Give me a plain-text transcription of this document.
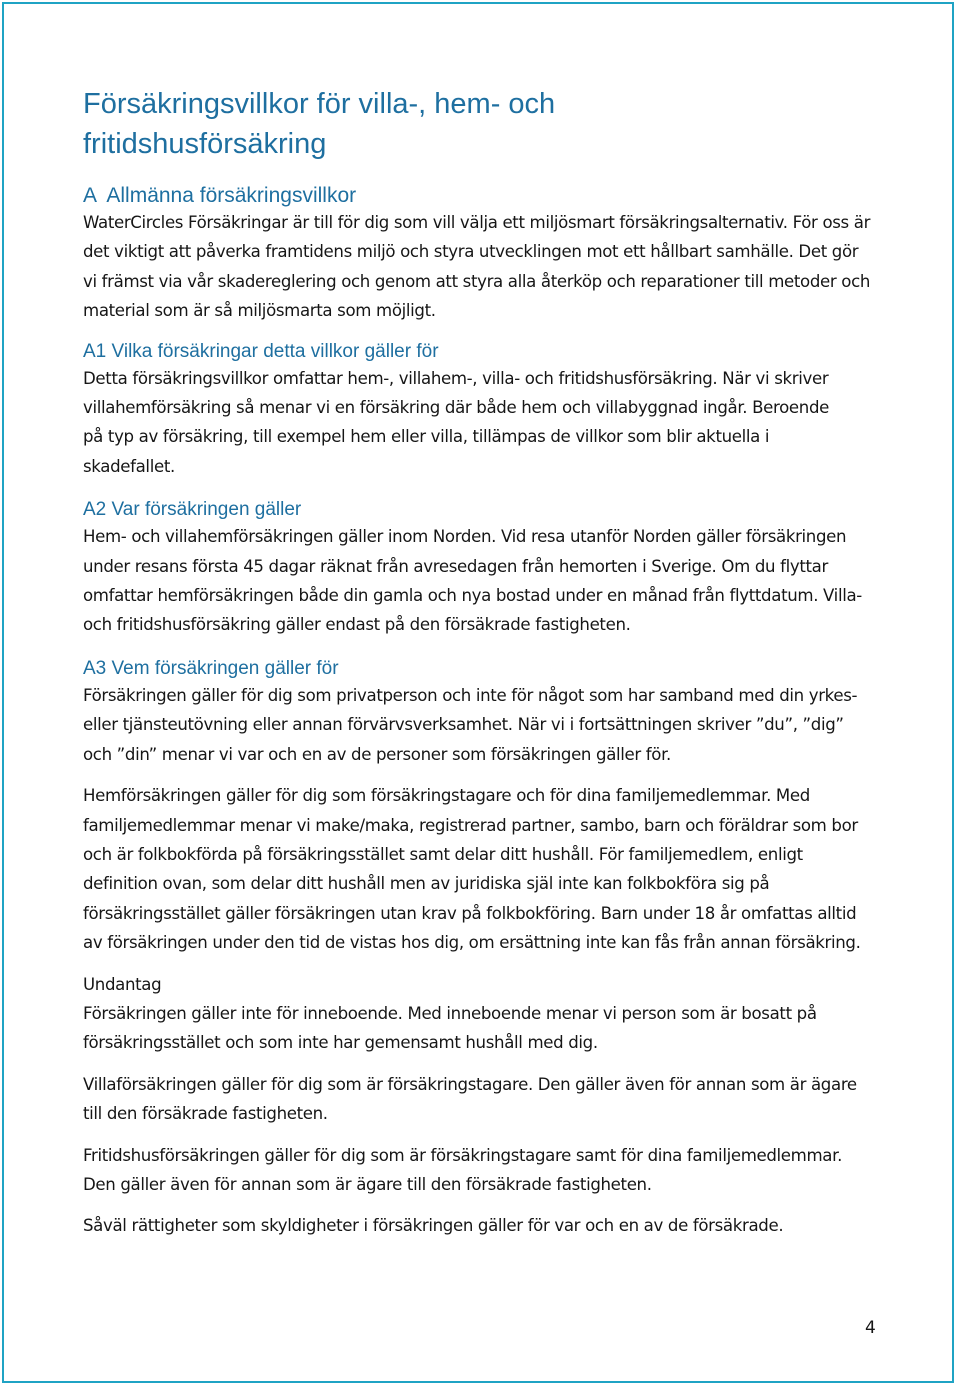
Försäkringsvillkor för villa-, hem- och
fritidshusförsäkring
A  Allmänna försäkringsvillkor

WaterCircles Försäkringar är till för dig som vill välja ett miljösmart försäkringsalternativ. För oss är det viktigt att påverka framtidens miljö och styra utvecklingen mot ett hållbart samhälle. Det gör vi främst via vår skadereglering och genom att styra alla återköp och reparationer till metoder och material som är så miljösmarta som möjligt.

A1 Vilka försäkringar detta villkor gäller för

Detta försäkringsvillkor omfattar hem-, villahem-, villa- och fritidshusförsäkring. När vi skriver villahemförsäkring så menar vi en försäkring där både hem och villabyggnad ingår. Beroende på typ av försäkring, till exempel hem eller villa, tillämpas de villkor som blir aktuella i skadefallet.

A2 Var försäkringen gäller

Hem- och villahemförsäkringen gäller inom Norden. Vid resa utanför Norden gäller försäkringen under resans första 45 dagar räknat från avresedagen från hemorten i Sverige. Om du flyttar omfattar hemförsäkringen både din gamla och nya bostad under en månad från flyttdatum. Villa- och fritidshusförsäkring gäller endast på den försäkrade fastigheten.

A3 Vem försäkringen gäller för

Försäkringen gäller för dig som privatperson och inte för något som har samband med din yrkes- eller tjänsteutövning eller annan förvärvsverksamhet. När vi i fortsättningen skriver ”du”, ”dig” och ”din” menar vi var och en av de personer som försäkringen gäller för.

Hemförsäkringen gäller för dig som försäkringstagare och för dina familjemedlemmar. Med familjemedlemmar menar vi make/maka, registrerad partner, sambo, barn och föräldrar som bor och är folkbokförda på försäkringsstället samt delar ditt hushåll. För familjemedlem, enligt definition ovan, som delar ditt hushåll men av juridiska själ inte kan folkbokföra sig på försäkringsstället gäller försäkringen utan krav på folkbokföring. Barn under 18 år omfattas alltid av försäkringen under den tid de vistas hos dig, om ersättning inte kan fås från annan försäkring.

Undantag

Försäkringen gäller inte för inneboende. Med inneboende menar vi person som är bosatt på försäkringsstället och som inte har gemensamt hushåll med dig.

Villaförsäkringen gäller för dig som är försäkringstagare. Den gäller även för annan som är ägare till den försäkrade fastigheten.

Fritidshusförsäkringen gäller för dig som är försäkringstagare samt för dina familjemedlemmar. Den gäller även för annan som är ägare till den försäkrade fastigheten.

Såväl rättigheter som skyldigheter i försäkringen gäller för var och en av de försäkrade.

4
